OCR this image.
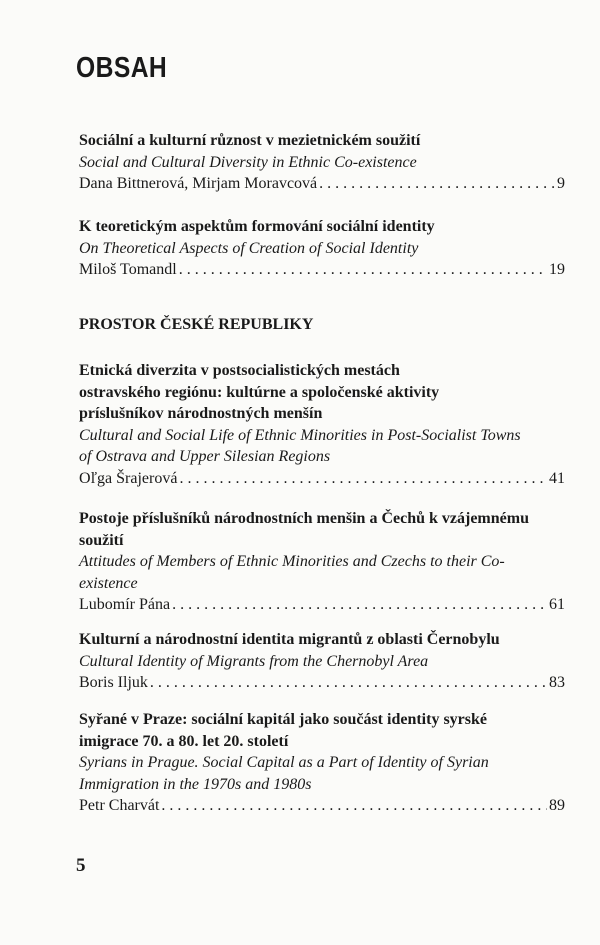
OBSAH
Sociální a kulturní různost v mezietnickém soužití
Social and Cultural Diversity in Ethnic Co-existence
Dana Bittnerová, Mirjam Moravcová . . .	9
K teoretickým aspektům formování sociální identity
On Theoretical Aspects of Creation of Social Identity
Miloš Tomandl . . .	19
PROSTOR ČESKÉ REPUBLIKY
Etnická diverzita v postsocialistických mestách
ostravského regiónu: kultúrne a spoločenské aktivity
príslušníkov národnostných menšín
Cultural and Social Life of Ethnic Minorities in Post-Socialist Towns
of Ostrava and Upper Silesian Regions
Oľga Šrajerová . . .	41
Postoje příslušníků národnostních menšin a Čechů k vzájemnému
soužití
Attitudes of Members of Ethnic Minorities and Czechs to their Co-
existence
Lubomír Pána . . .	61
Kulturní a národnostní identita migrantů z oblasti Černobylu
Cultural Identity of Migrants from the Chernobyl Area
Boris Iljuk . . .	83
Syřané v Praze: sociální kapitál jako součást identity syrské
imigrace 70. a 80. let 20. století
Syrians in Prague. Social Capital as a Part of Identity of Syrian
Immigration in the 1970s and 1980s
Petr Charvát . . .	89
5
